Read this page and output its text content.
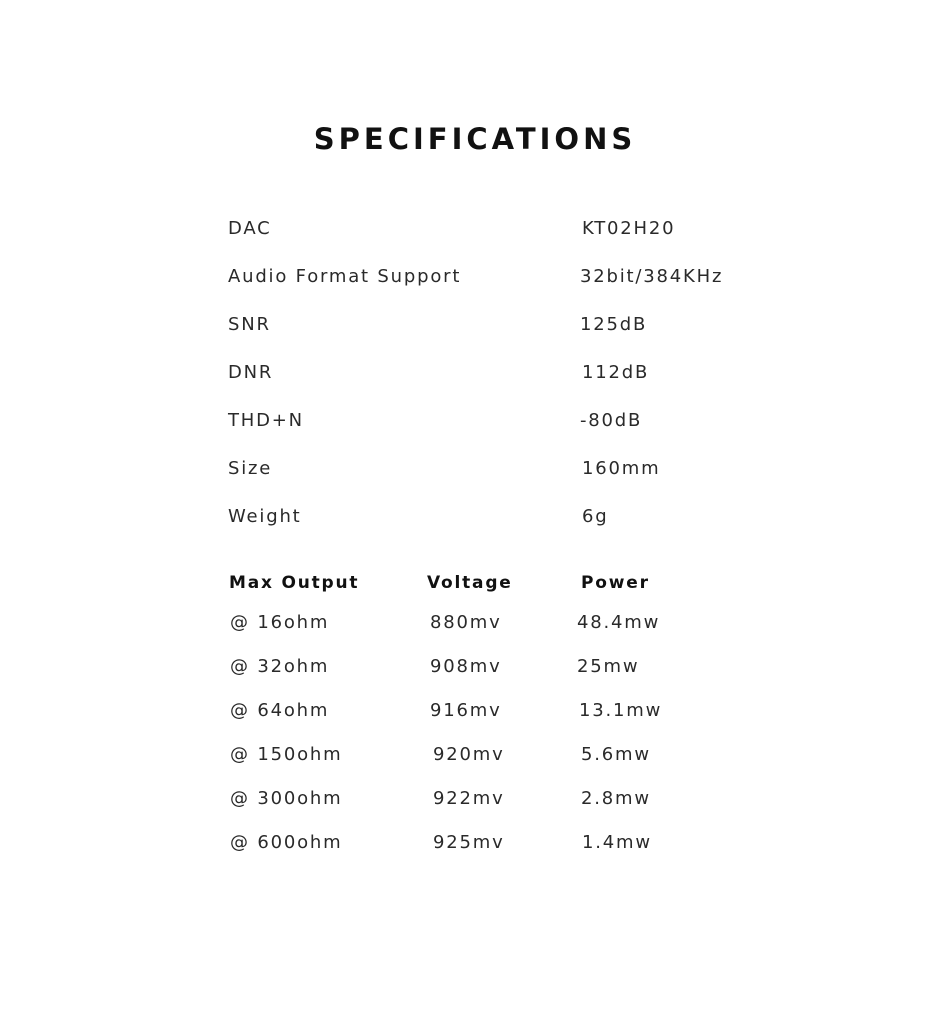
SPECIFICATIONS
DAC	KT02H20
Audio Format Support	32bit/384KHz
SNR	125dB
DNR	112dB
THD+N	-80dB
Size	160mm
Weight	6g
Max Output	Voltage	Power
@ 16ohm	880mv	48.4mw
@ 32ohm	908mv	25mw
@ 64ohm	916mv	13.1mw
@ 150ohm	920mv	5.6mw
@ 300ohm	922mv	2.8mw
@ 600ohm	925mv	1.4mw
